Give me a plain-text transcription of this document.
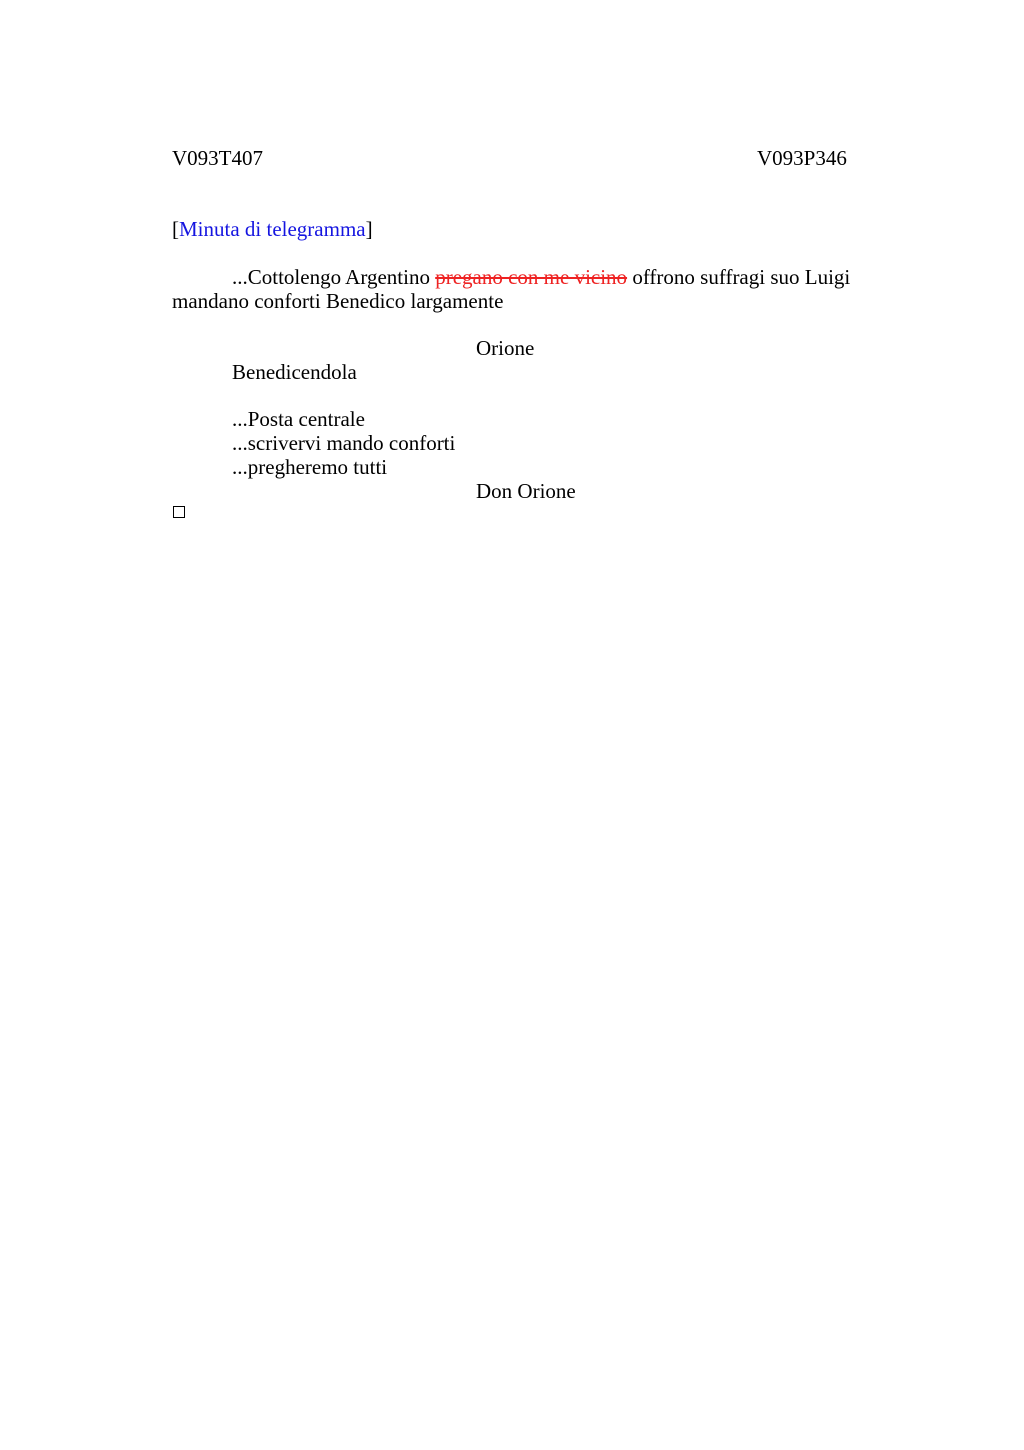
V093T407	V093P346
[Minuta di telegramma]
...Cottolengo Argentino pregano con me vicino offrono suffragi suo Luigi mandano conforti Benedico largamente
Orione
Benedicendola
...Posta centrale
...scrivervi mando conforti
...pregheremo tutti
Don Orione
